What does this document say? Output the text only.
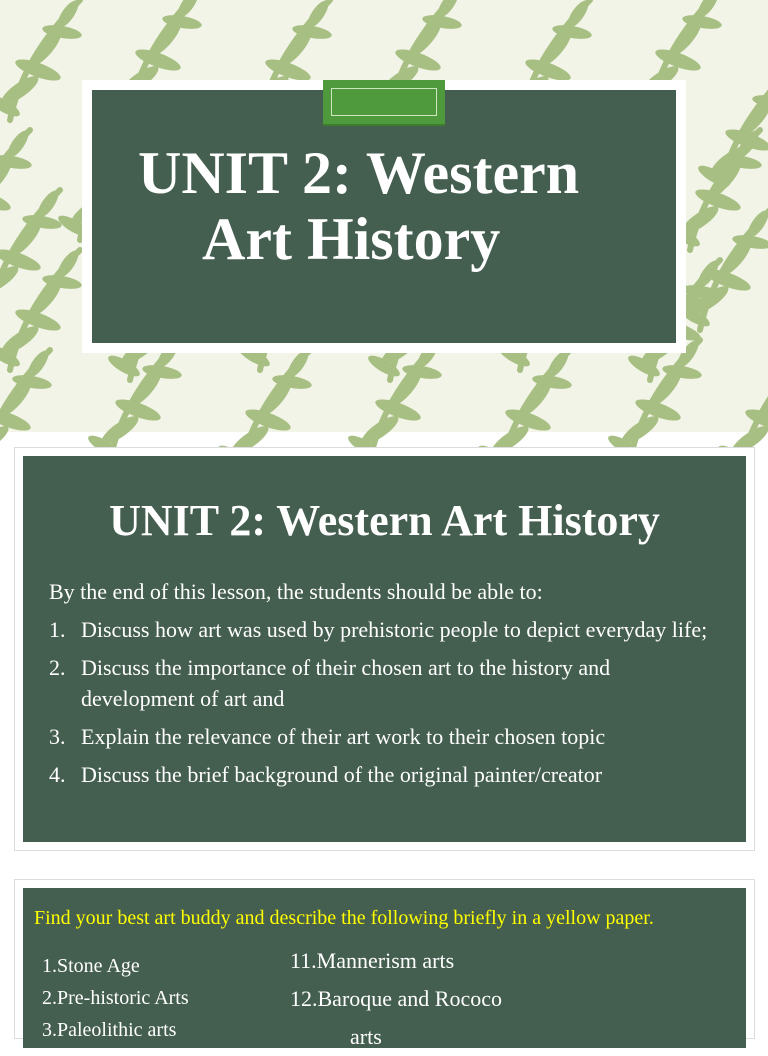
UNIT 2: Western
Art History
UNIT 2: Western Art History
By the end of this lesson, the students should be able to:
1. Discuss how art was used by prehistoric people to depict everyday life;
2. Discuss the importance of their chosen art to the history and development of art and
3. Explain the relevance of their art work to their chosen topic
4. Discuss the brief background of the original painter/creator
Find your best art buddy and describe the following briefly in a yellow paper.
1.Stone Age
2.Pre-historic Arts
3.Paleolithic arts
11.Mannerism arts
12.Baroque and Rococo
arts
